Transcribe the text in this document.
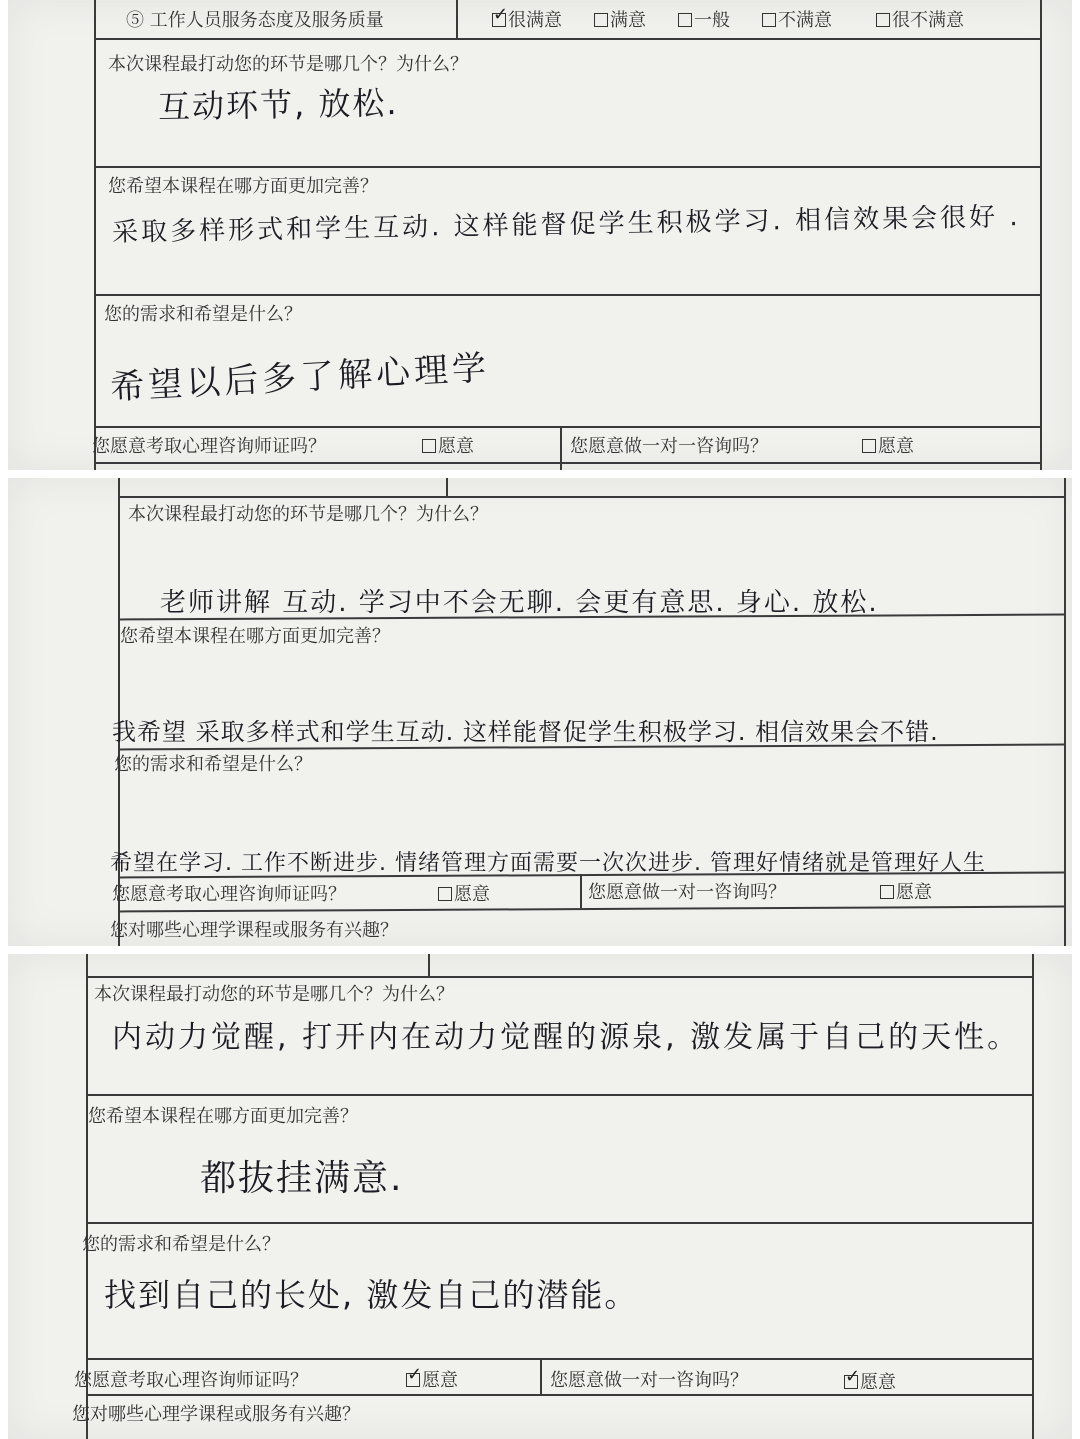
⑤ 工作人员服务态度及服务质量	✓ 很满意	满意	一般	不满意	很不满意
本次课程最打动您的环节是哪几个？为什么？
互动环节, 放松.
您希望本课程在哪方面更加完善？
采取多样形式和学生互动. 这样能督促学生积极学习. 相信效果会很好 .
您的需求和希望是什么？
希望以后多了解心理学
您愿意考取心理咨询师证吗？	愿意	您愿意做一对一咨询吗？	愿意
本次课程最打动您的环节是哪几个？为什么？
老师讲解 互动. 学习中不会无聊. 会更有意思. 身心. 放松.
您希望本课程在哪方面更加完善？
我希望 采取多样式和学生互动. 这样能督促学生积极学习. 相信效果会不错.
您的需求和希望是什么？
希望在学习. 工作不断进步. 情绪管理方面需要一次次进步. 管理好情绪就是管理好人生
您愿意考取心理咨询师证吗？	愿意	您愿意做一对一咨询吗？	愿意
您对哪些心理学课程或服务有兴趣？
本次课程最打动您的环节是哪几个？为什么？
内动力觉醒, 打开内在动力觉醒的源泉, 激发属于自己的天性。
您希望本课程在哪方面更加完善？
都抜挂满意.
您的需求和希望是什么？
找到自己的长处, 激发自己的潜能。
您愿意考取心理咨询师证吗？	✓ 愿意	您愿意做一对一咨询吗？	✓ 愿意
您对哪些心理学课程或服务有兴趣？
